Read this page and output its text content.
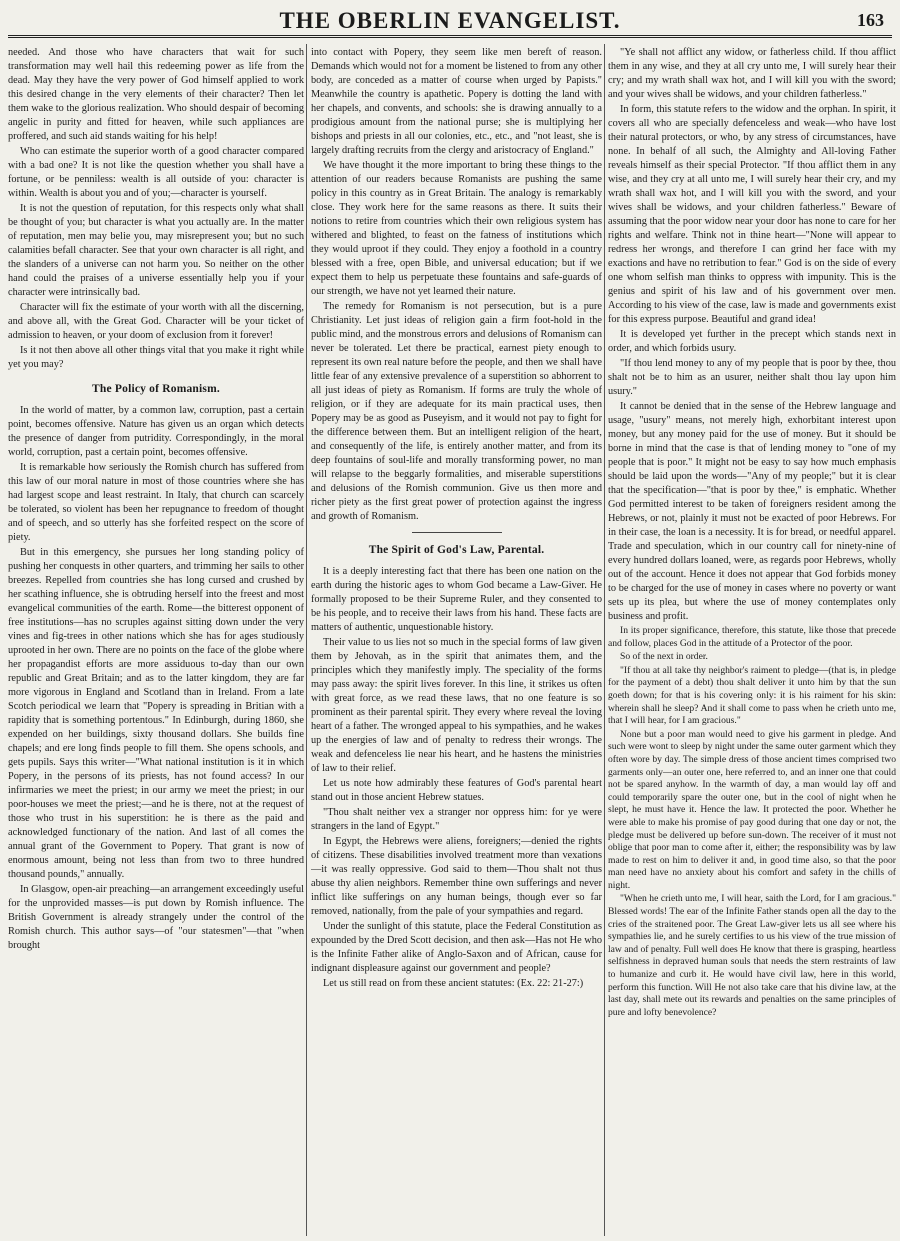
THE OBERLIN EVANGELIST.	163

needed. And those who have characters that wait for such transformation may well hail this redeeming power as life from the dead. May they have the very power of God himself applied to work this desired change in the very elements of their character? Then let them wake to the glorious realization. Who should despair of becoming angelic in purity and fitted for heaven, while such appliances are proffered, and such aid stands waiting for his help!

Who can estimate the superior worth of a good character compared with a bad one? It is not like the question whether you shall have a fortune, or be penniless: wealth is all outside of you: character is within. Wealth is about you and of you;—character is yourself.

It is not the question of reputation, for this respects only what shall be thought of you; but character is what you actually are. In the matter of reputation, men may belie you, may misrepresent you; but no such calamities befall character. See that your own character is all right, and the slanders of a universe can not harm you. So neither on the other hand could the praises of a universe essentially help you if your character were intrinsically bad.

Character will fix the estimate of your worth with all the discerning, and above all, with the Great God. Character will be your ticket of admission to heaven, or your doom of exclusion from it forever!

Is it not then above all other things vital that you make it right while yet you may?

The Policy of Romanism.

In the world of matter, by a common law, corruption, past a certain point, becomes offensive. Nature has given us an organ which detects the presence of danger from putridity. Correspondingly, in the moral world, corruption, past a certain point, becomes offensive.

It is remarkable how seriously the Romish church has suffered from this law of our moral nature in most of those countries where she has had largest scope and least restraint. In Italy, that church can scarcely be tolerated, so violent has been her repugnance to freedom of thought and of speech, and so utterly has she forfeited respect on the score of piety.

But in this emergency, she pursues her long standing policy of pushing her conquests in other quarters, and trimming her sails to other breezes. Repelled from countries she has long cursed and crushed by her scathing influence, she is obtruding herself into the freest and most evangelical communities of the earth. Rome—the bitterest opponent of free institutions—has no scruples against sitting down under the very vines and fig-trees in other nations which she has for ages studiously uprooted in her own. There are no points on the face of the globe where her propagandist efforts are more assiduous to-day than our own republic and Great Britain; and as to the latter kingdom, they are far more vigorous in England and Scotland than in Ireland. From a late Scotch periodical we learn that "Popery is spreading in Britian with a rapidity that is something portentous." In Edinburgh, during 1860, she expended on her buildings, sixty thousand dollars. She builds fine chapels; and ere long finds people to fill them. She opens schools, and gets pupils. Says this writer—"What national institution is it in which Popery, in the persons of its priests, has not found access? In our infirmaries we meet the priest; in our army we meet the priest; in our poor-houses we meet the priest;—and he is there, not at the request of those who trust in his superstition: he is there as the paid and acknowledged functionary of the nation. And last of all comes the annual grant of the Government to Popery. That grant is now of enormous amount, being not less than from two to three hundred thousand pounds," annually.

In Glasgow, open-air preaching—an arrangement exceedingly useful for the unprovided masses—is put down by Romish influence. The British Government is already strangely under the control of the Romish church. This author says—of "our statesmen"—that "when brought

into contact with Popery, they seem like men bereft of reason. Demands which would not for a moment be listened to from any other body, are conceded as a matter of course when urged by Papists." Meanwhile the country is apathetic. Popery is dotting the land with her chapels, and convents, and schools: she is drawing annually to a prodigious amount from the national purse; she is multiplying her bishops and priests in all our colonies, etc., etc., and "not least, she is largely drafting recruits from the clergy and aristocracy of England."

We have thought it the more important to bring these things to the attention of our readers because Romanists are pushing the same policy in this country as in Great Britain. The analogy is remarkably close. They work here for the same reasons as there. It suits their notions to retire from countries which their own religious system has withered and blighted, to feast on the fatness of institutions which they would uproot if they could. They enjoy a foothold in a country blessed with a free, open Bible, and universal education; but if we expect them to help us perpetuate these fountains and safe-guards of our strength, we have not yet learned their nature.

The remedy for Romanism is not persecution, but is a pure Christianity. Let just ideas of religion gain a firm foot-hold in the public mind, and the monstrous errors and delusions of Romanism can never be tolerated. Let there be practical, earnest piety enough to represent its own real nature before the people, and then we shall have little fear of any extensive prevalence of a superstition so abhorrent to all just ideas of piety as Romanism. If forms are truly the whole of religion, or if they are adequate for its main practical uses, then Popery may be as good as Puseyism, and it would not pay to fight for the difference between them. But an intelligent religion of the heart, and consequently of the life, is entirely another matter, and from its deep fountains of soul-life and morally transforming power, no man will relapse to the beggarly formalities, and miserable superstitions and delusions of the Romish communion. Give us then more and richer piety as the first great power of protection against the ingress and growth of Romanism.

The Spirit of God's Law, Parental.

It is a deeply interesting fact that there has been one nation on the earth during the historic ages to whom God became a Law-Giver. He formally proposed to be their Supreme Ruler, and they consented to be his people, and to receive their laws from his hand. These facts are matters of authentic, unquestionable history.

Their value to us lies not so much in the special forms of law given them by Jehovah, as in the spirit that animates them, and the principles which they manifestly imply. The speciality of the forms may pass away: the spirit lives forever. In this line, it strikes us often with great force, as we read these laws, that no one feature is so prominent as their parental spirit. They every where reveal the loving heart of a father. The wronged appeal to his sympathies, and he wakes up the energies of law and of penalty to redress their wrongs. The weak and defenceless lie near his heart, and he hastens the ministries of law to their relief.

Let us note how admirably these features of God's parental heart stand out in those ancient Hebrew statues.

"Thou shalt neither vex a stranger nor oppress him: for ye were strangers in the land of Egypt."

In Egypt, the Hebrews were aliens, foreigners;—denied the rights of citizens. These disabilities involved treatment more than vexations—it was really oppressive. God said to them—Thou shalt not thus abuse thy alien neighbors. Remember thine own sufferings and never inflict like sufferings on any human beings, though ever so far removed, nationally, from the pale of your sympathies and regard.

Under the sunlight of this statute, place the Federal Constitution as expounded by the Dred Scott decision, and then ask—Has not He who is the Infinite Father alike of Anglo-Saxon and of African, cause for indignant displeasure against our government and people?

Let us still read on from these ancient statutes: (Ex. 22: 21-27:)

"Ye shall not afflict any widow, or fatherless child. If thou afflict them in any wise, and they at all cry unto me, I will surely hear their cry; and my wrath shall wax hot, and I will kill you with the sword; and your wives shall be widows, and your children fatherless."

In form, this statute refers to the widow and the orphan. In spirit, it covers all who are specially defenceless and weak—who have lost their natural protectors, or who, by any stress of circumstances, have none. In behalf of all such, the Almighty and All-loving Father reveals himself as their special Protector. "If thou afflict them in any wise, and they cry at all unto me, I will surely hear their cry, and my wrath shall wax hot, and I will kill you with the sword, and your wives shall be widows, and your children fatherless." Beware of assuming that the poor widow near your door has none to care for her rights and welfare. Think not in thine heart—"None will appear to redress her wrongs, and therefore I can grind her face with my exactions and have no retribution to fear." God is on the side of every one whom selfish man thinks to oppress with impunity. This is the genius and spirit of his law and of his government over men. According to his view of the case, law is made and governments exist for this express purpose. Beautiful and grand idea!

It is developed yet further in the precept which stands next in order, and which forbids usury.

"If thou lend money to any of my people that is poor by thee, thou shalt not be to him as an usurer, neither shalt thou lay upon him usury."

It cannot be denied that in the sense of the Hebrew language and usage, "usury" means, not merely high, exhorbitant interest upon money, but any money paid for the use of money. But it should be borne in mind that the case is that of lending money to "one of my people that is poor." It might not be easy to say how much emphasis should be laid upon the words—"Any of my people;" but it is clear that the specification—"that is poor by thee," is emphatic. Whether God permitted interest to be taken of foreigners resident among the Hebrews, or not, plainly it must not be exacted of poor Hebrews. For in their case, the loan is a necessity. It is for bread, or needful apparel. Trade and speculation, which in our country call for ninety-nine of every hundred dollars loaned, were, as regards poor Hebrews, wholly out of the account. Hence it does not appear that God forbids money to be charged for the use of money in cases where no poverty or want sets up its plea, but where the use of money contemplates only business and profit.

In its proper significance, therefore, this statute, like those that precede and follow, places God in the attitude of a Protector of the poor.

So of the next in order.

"If thou at all take thy neighbor's raiment to pledge—(that is, in pledge for the payment of a debt) thou shalt deliver it unto him by that the sun goeth down; for that is his covering only: it is his raiment for his skin: wherein shall he sleep? And it shall come to pass when he crieth unto me, that I will hear, for I am gracious."

None but a poor man would need to give his garment in pledge. And such were wont to sleep by night under the same outer garment which they often wore by day. The simple dress of those ancient times comprised two garments only—an outer one, here referred to, and an inner one that could not be spared anyhow. In the warmth of day, a man would lay off and could temporarily spare the outer one, but in the cool of night when he slept, he must have it. Hence the law. It protected the poor. Whether he were able to make his promise of pay good during that one day or not, the pledge must be delivered up before sun-down. The receiver of it must not oblige that poor man to come after it, either; the responsibility was by law made to rest on him to deliver it and, in good time also, so that the poor man need have no anxiety about his comfort and safety in the chills of night.

"When he crieth unto me, I will hear, saith the Lord, for I am gracious." Blessed words! The ear of the Infinite Father stands open all the day to the cries of the straitened poor. The Great Law-giver lets us all see where his sympathies lie, and he surely certifies to us his view of the true mission of law and of penalty. Full well does He know that there is grasping, heartless selfishness in depraved human souls that needs the stern restraints of law to humanize and curb it. He would have civil law, here in this world, perform this function. Will He not also take care that his divine law, at the last day, shall mete out its rewards and penalties on the same principles of pure and lofty benevolence?
